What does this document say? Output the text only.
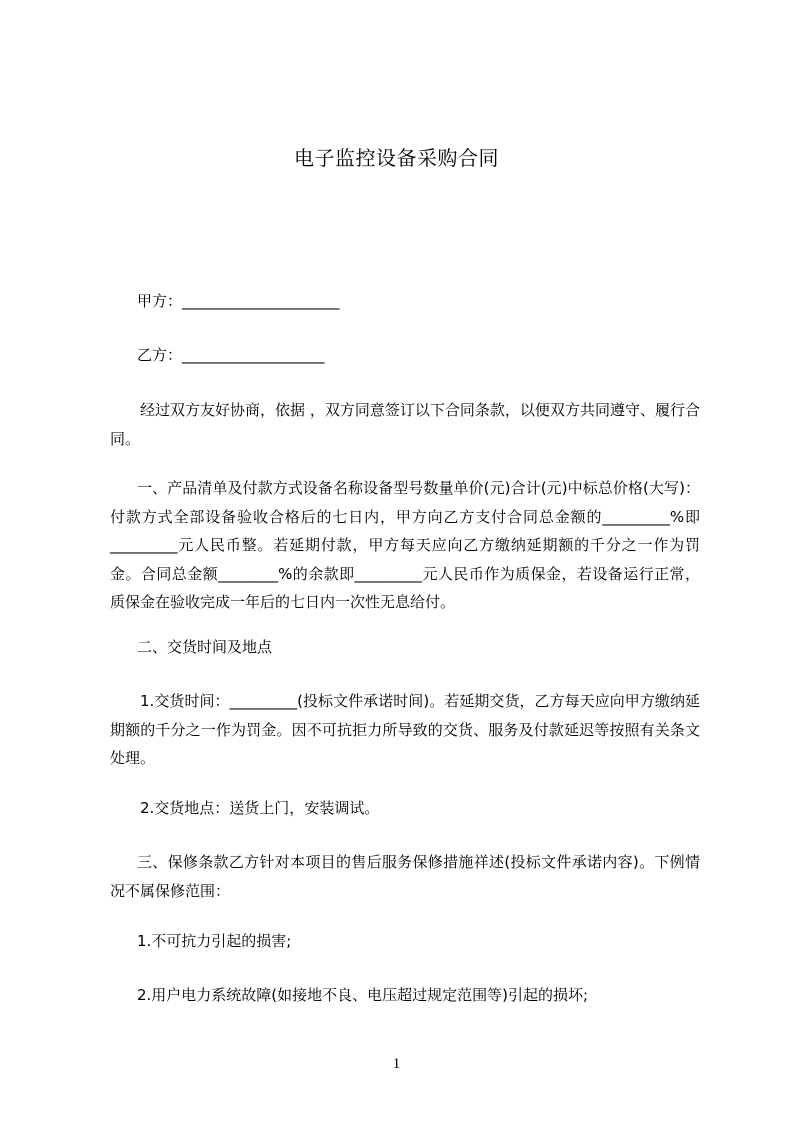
电子监控设备采购合同
甲方：_____________________
乙方：___________________
经过双方友好协商，依据 ，双方同意签订以下合同条款，以便双方共同遵守、履行合同。
一、产品清单及付款方式设备名称设备型号数量单价(元)合计(元)中标总价格(大写)：付款方式全部设备验收合格后的七日内，甲方向乙方支付合同总金额的_________%即_________元人民币整。若延期付款，甲方每天应向乙方缴纳延期额的千分之一作为罚金。合同总金额________%的余款即_________元人民币作为质保金，若设备运行正常，质保金在验收完成一年后的七日内一次性无息给付。
二、交货时间及地点
1.交货时间：_________(投标文件承诺时间)。若延期交货，乙方每天应向甲方缴纳延期额的千分之一作为罚金。因不可抗拒力所导致的交货、服务及付款延迟等按照有关条文处理。
2.交货地点：送货上门，安装调试。
三、保修条款乙方针对本项目的售后服务保修措施祥述(投标文件承诺内容)。下例情况不属保修范围：
1.不可抗力引起的损害;
2.用户电力系统故障(如接地不良、电压超过规定范围等)引起的损坏;
1
